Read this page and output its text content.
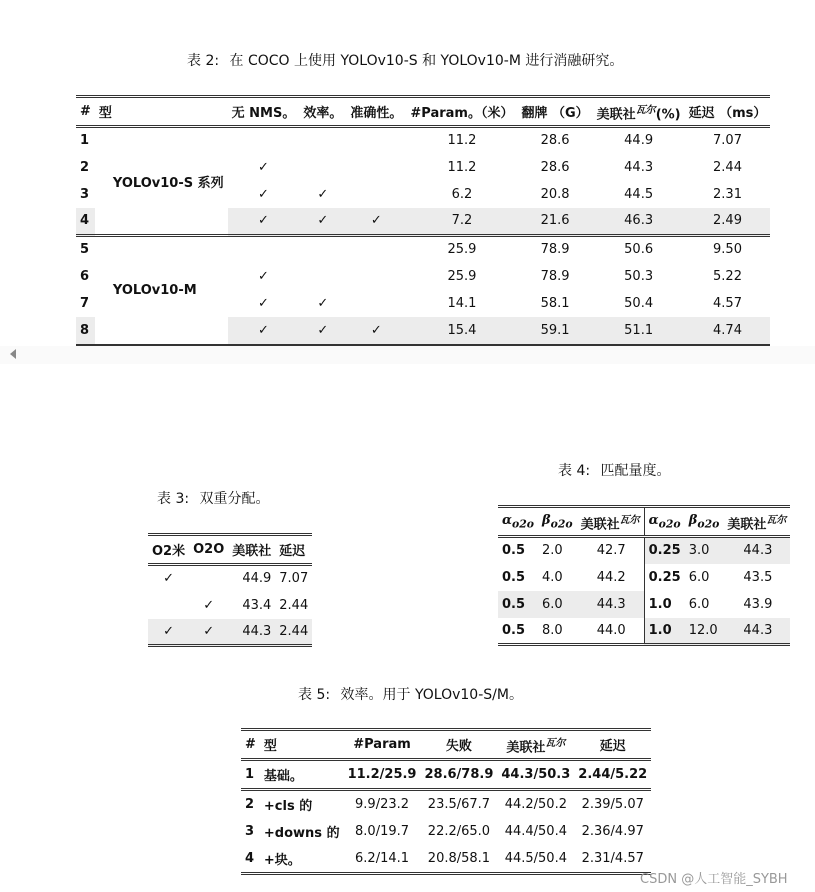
表 2: 在 COCO 上使用 YOLOv10-S 和 YOLOv10-M 进行消融研究。
#	型	无 NMS。	效率。	准确性。	#Param。（米）	翻牌 （G）	美联社$^{瓦尔}$(%)	延迟 （ms）
1	YOLOv10-S 系列				11.2	28.6	44.9	7.07
2		✓			11.2	28.6	44.3	2.44
3		✓	✓		6.2	20.8	44.5	2.31
4		✓	✓	✓	7.2	21.6	46.3	2.49
5	YOLOv10-M				25.9	78.9	50.6	9.50
6		✓			25.9	78.9	50.3	5.22
7		✓	✓		14.1	58.1	50.4	4.57
8		✓	✓	✓	15.4	59.1	51.1	4.74
表 3: 双重分配。
O2米	O2O	美联社	延迟
✓		44.9	7.07
	✓	43.4	2.44
✓	✓	44.3	2.44
表 4: 匹配量度。
$\alpha_{o2o}$	$\beta_{o2o}$	美联社$^{瓦尔}$	$\alpha_{o2o}$	$\beta_{o2o}$	美联社$^{瓦尔}$
0.5	2.0	42.7	0.25	3.0	44.3
0.5	4.0	44.2	0.25	6.0	43.5
0.5	6.0	44.3	1.0	6.0	43.9
0.5	8.0	44.0	1.0	12.0	44.3
表 5: 效率。用于 YOLOv10-S/M。
#	型	#Param	失败	美联社$^{瓦尔}$	延迟
1	基础。	11.2/25.9	28.6/78.9	44.3/50.3	2.44/5.22
2	+cls 的	9.9/23.2	23.5/67.7	44.2/50.2	2.39/5.07
3	+downs 的	8.0/19.7	22.2/65.0	44.4/50.4	2.36/4.97
4	+块。	6.2/14.1	20.8/58.1	44.5/50.4	2.31/4.57
CSDN @人工智能_SYBH
